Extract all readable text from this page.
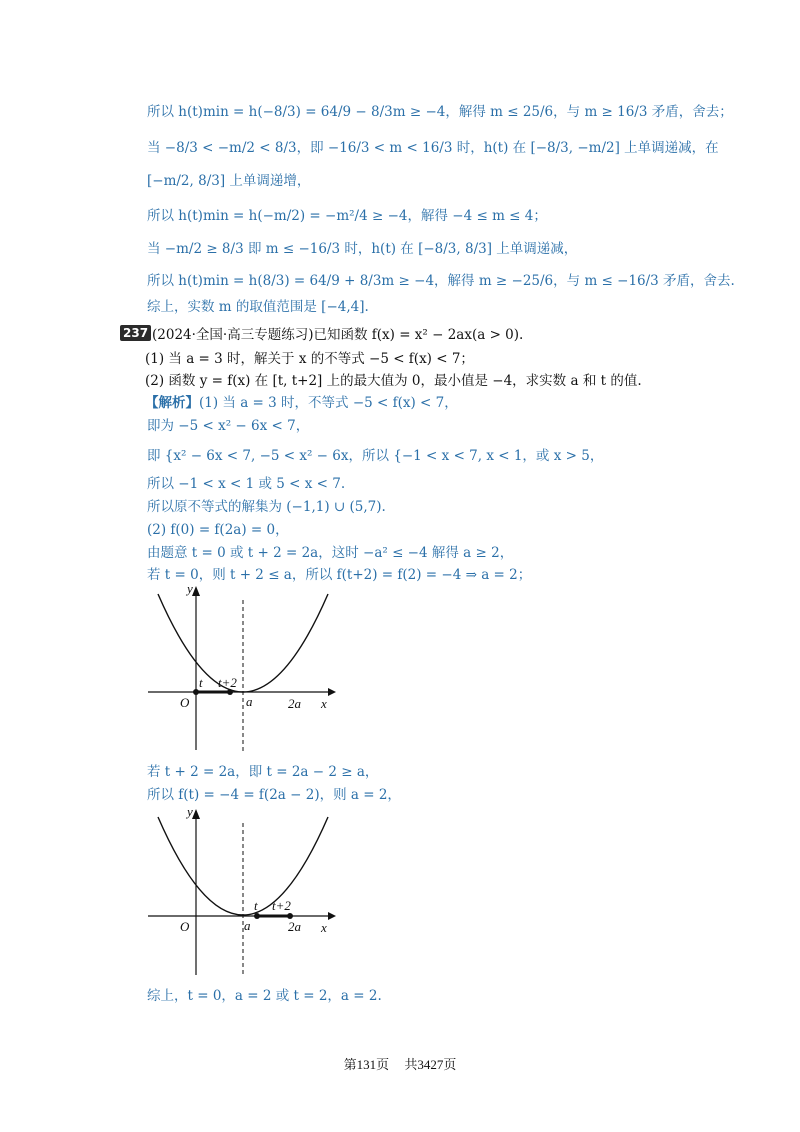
所以 h(t)min = h(−8/3) = 64/9 − 8/3m ≥ −4，解得 m ≤ 25/6，与 m ≥ 16/3 矛盾，舍去；
当 −8/3 < −m/2 < 8/3，即 −16/3 < m < 16/3 时，h(t) 在 [−8/3, −m/2] 上单调递减，在
[−m/2, 8/3] 上单调递增，
所以 h(t)min = h(−m/2) = −m²/4 ≥ −4，解得 −4 ≤ m ≤ 4；
当 −m/2 ≥ 8/3 即 m ≤ −16/3 时，h(t) 在 [−8/3, 8/3] 上单调递减，
所以 h(t)min = h(8/3) = 64/9 + 8/3m ≥ −4，解得 m ≥ −25/6，与 m ≤ −16/3 矛盾，舍去.
综上，实数 m 的取值范围是 [−4,4].
237 (2024·全国·高三专题练习)已知函数 f(x) = x² − 2ax(a > 0).
(1) 当 a = 3 时，解关于 x 的不等式 −5 < f(x) < 7；
(2) 函数 y = f(x) 在 [t, t+2] 上的最大值为 0，最小值是 −4，求实数 a 和 t 的值.
【解析】(1) 当 a = 3 时，不等式 −5 < f(x) < 7，
即为 −5 < x² − 6x < 7，
即 {x² − 6x < 7, −5 < x² − 6x，所以 {−1 < x < 7, x < 1，或 x > 5，
所以 −1 < x < 1 或 5 < x < 7.
所以原不等式的解集为 (−1,1) ∪ (5,7).
(2) f(0) = f(2a) = 0，
由题意 t = 0 或 t + 2 = 2a，这时 −a² ≤ −4 解得 a ≥ 2，
若 t = 0，则 t + 2 ≤ a，所以 f(t+2) = f(2) = −4 ⇒ a = 2；
y
x
O
t t+2
a	2a
若 t + 2 = 2a，即 t = 2a − 2 ≥ a，
所以 f(t) = −4 = f(2a − 2)，则 a = 2，
y
x
O
t t+2
a	2a
综上，t = 0，a = 2 或 t = 2，a = 2.
第131页 共3427页
